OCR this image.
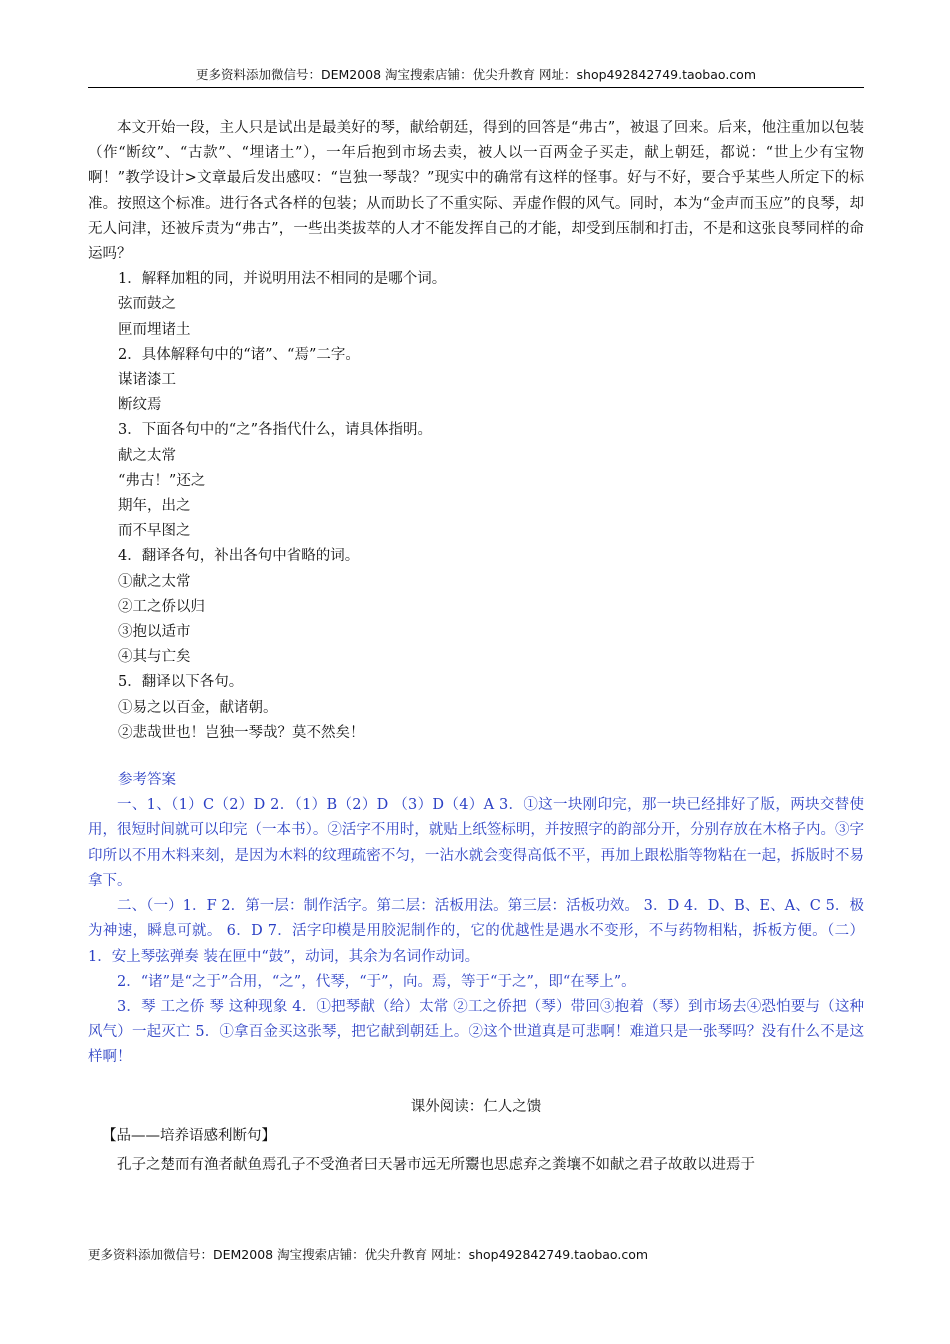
更多资料添加微信号：DEM2008 淘宝搜索店铺：优尖升教育 网址：shop492842749.taobao.com

本文开始一段，主人只是试出是最美好的琴，献给朝廷，得到的回答是“弗古”，被退了回来。后来，他注重加以包装（作“断纹”、“古款”、“埋诸土”），一年后抱到市场去卖，被人以一百两金子买走，献上朝廷，都说：“世上少有宝物啊！”教学设计>文章最后发出感叹：“岂独一琴哉？”现实中的确常有这样的怪事。好与不好，要合乎某些人所定下的标准。按照这个标准。进行各式各样的包装；从而助长了不重实际、弄虚作假的风气。同时，本为“金声而玉应”的良琴，却无人问津，还被斥责为“弗古”，一些出类拔萃的人才不能发挥自己的才能，却受到压制和打击，不是和这张良琴同样的命运吗？

1．解释加粗的同，并说明用法不相同的是哪个词。

弦而鼓之

匣而埋诸土

2．具体解释句中的“诸”、“焉”二字。

谋诸漆工

断纹焉

3．下面各句中的“之”各指代什么，请具体指明。

献之太常

“弗古！”还之

期年，出之

而不早图之

4．翻译各句，补出各句中省略的词。

①献之太常

②工之侨以归

③抱以适市

④其与亡矣

5．翻译以下各句。

①易之以百金，献诸朝。

②悲哉世也！岂独一琴哉？莫不然矣！

参考答案

一、1、（1）C（2）D 2．（1）B（2）D （3）D（4）A 3．①这一块刚印完，那一块已经排好了版，两块交替使用，很短时间就可以印完（一本书）。②活字不用时，就贴上纸签标明，并按照字的韵部分开，分别存放在木格子内。③字印所以不用木料来刻，是因为木料的纹理疏密不匀，一沾水就会变得高低不平，再加上跟松脂等物粘在一起，拆版时不易拿下。

二、（一）1．F 2．第一层：制作活字。第二层：活板用法。第三层：活板功效。 3．D 4．D、B、E、A、C 5．极为神速，瞬息可就。 6．D 7．活字印模是用胶泥制作的，它的优越性是遇水不变形，不与药物相粘，拆板方便。（二）1．安上琴弦弹奏 装在匣中“鼓”，动词，其余为名词作动词。

2．“诸”是“之于”合用，“之”，代琴，“于”，向。焉，等于“于之”，即“在琴上”。

3．琴 工之侨 琴 这种现象 4．①把琴献（给）太常 ②工之侨把（琴）带回③抱着（琴）到市场去④恐怕要与（这种风气）一起灭亡 5．①拿百金买这张琴，把它献到朝廷上。②这个世道真是可悲啊！难道只是一张琴吗？没有什么不是这样啊！

课外阅读：仁人之馈

【品——培养语感利断句】

孔子之楚而有渔者献鱼焉孔子不受渔者曰天暑市远无所鬻也思虑弃之粪壤不如献之君子故敢以进焉于

更多资料添加微信号：DEM2008 淘宝搜索店铺：优尖升教育 网址：shop492842749.taobao.com
